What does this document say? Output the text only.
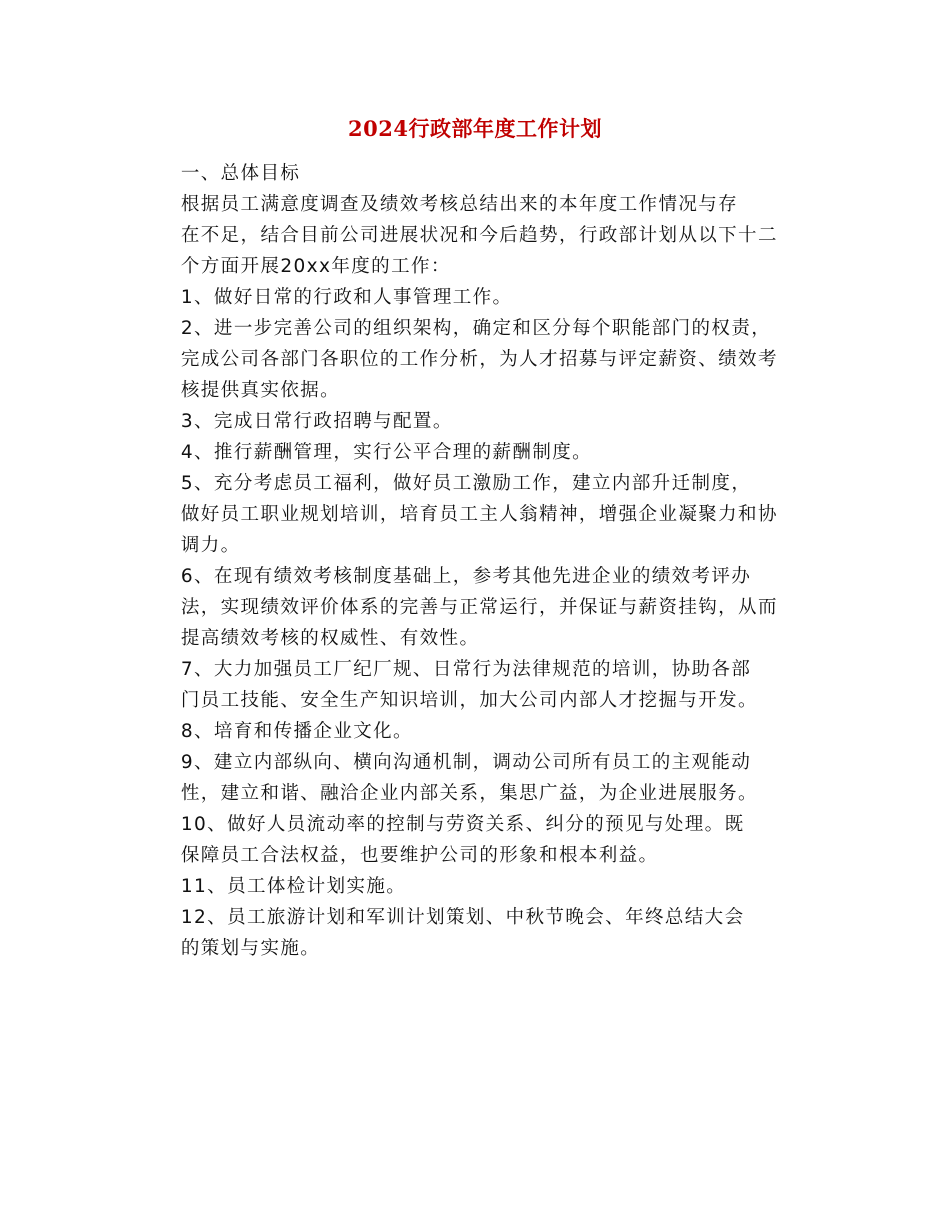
2024行政部年度工作计划

一、总体目标

根据员工满意度调查及绩效考核总结出来的本年度工作情况与存
在不足，结合目前公司进展状况和今后趋势，行政部计划从以下十二
个方面开展20xx年度的工作：

1、做好日常的行政和人事管理工作。

2、进一步完善公司的组织架构，确定和区分每个职能部门的权责，
完成公司各部门各职位的工作分析，为人才招募与评定薪资、绩效考
核提供真实依据。

3、完成日常行政招聘与配置。

4、推行薪酬管理，实行公平合理的薪酬制度。

5、充分考虑员工福利，做好员工激励工作，建立内部升迁制度，
做好员工职业规划培训，培育员工主人翁精神，增强企业凝聚力和协
调力。

6、在现有绩效考核制度基础上，参考其他先进企业的绩效考评办
法，实现绩效评价体系的完善与正常运行，并保证与薪资挂钩，从而
提高绩效考核的权威性、有效性。

7、大力加强员工厂纪厂规、日常行为法律规范的培训，协助各部
门员工技能、安全生产知识培训，加大公司内部人才挖掘与开发。

8、培育和传播企业文化。

9、建立内部纵向、横向沟通机制，调动公司所有员工的主观能动
性，建立和谐、融洽企业内部关系，集思广益，为企业进展服务。

10、做好人员流动率的控制与劳资关系、纠分的预见与处理。既
保障员工合法权益，也要维护公司的形象和根本利益。

11、员工体检计划实施。

12、员工旅游计划和军训计划策划、中秋节晚会、年终总结大会
的策划与实施。
